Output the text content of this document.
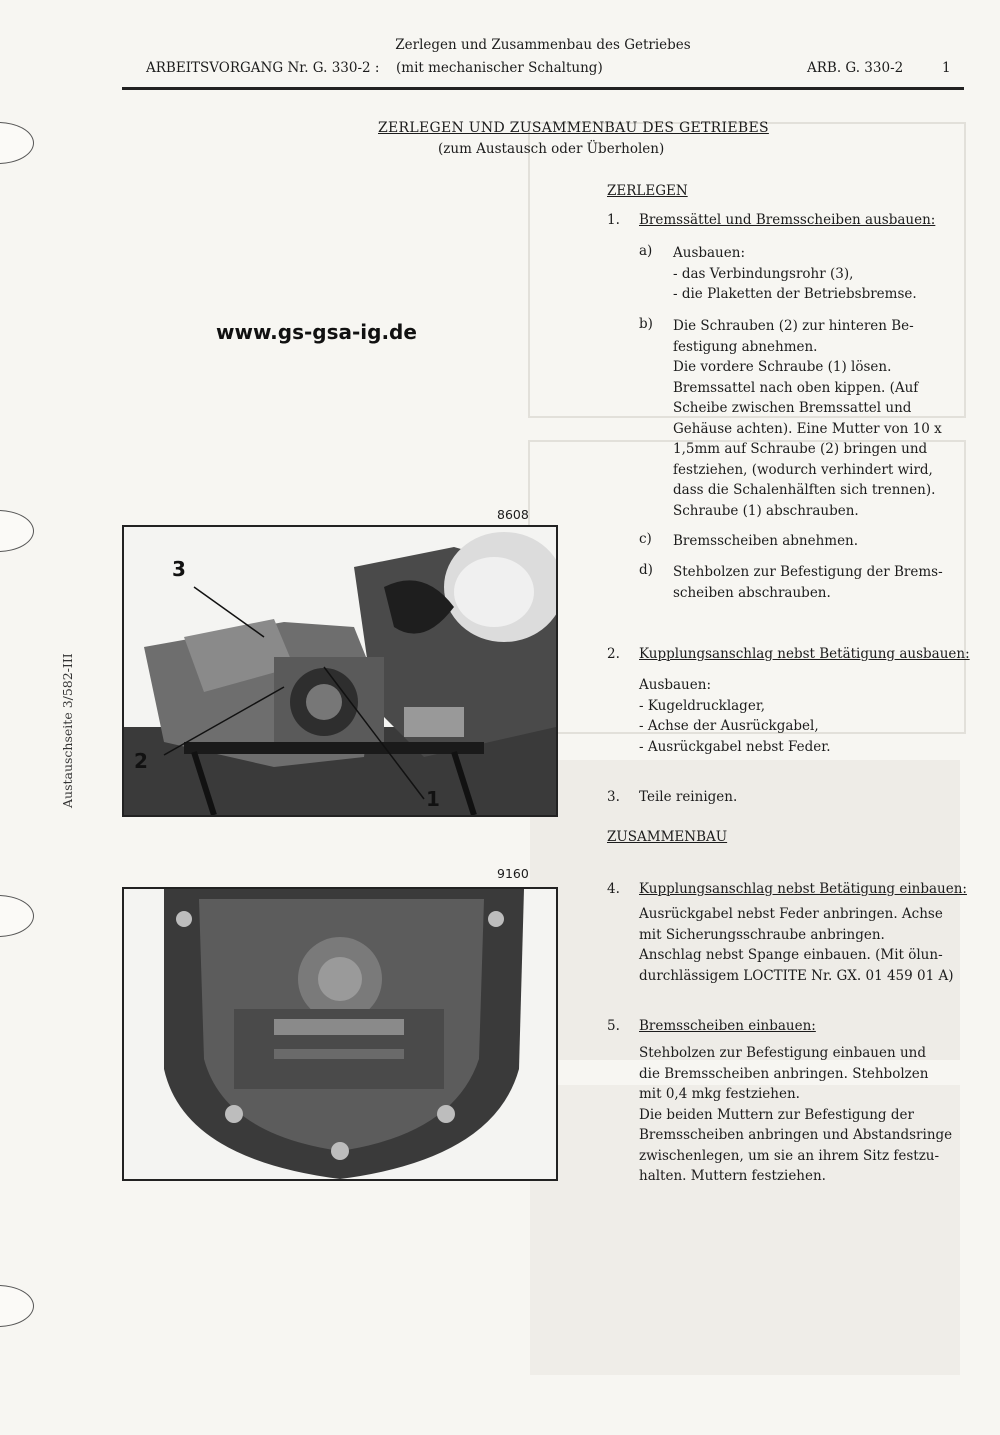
Zerlegen und Zusammenbau des Getriebes
ARBEITSVORGANG Nr. G. 330-2 : (mit mechanischer Schaltung)	ARB. G. 330-2	1
ZERLEGEN UND ZUSAMMENBAU DES GETRIEBES
(zum Austausch oder Überholen)
www.gs-gsa-ig.de
Austauschseite 3/582-III
8608
3
2
1
9160
ZERLEGEN
1. Bremssättel und Bremsscheiben ausbauen:
a) Ausbauen:
- das Verbindungsrohr (3),
- die Plaketten der Betriebsbremse.
b) Die Schrauben (2) zur hinteren Be-
festigung abnehmen.
Die vordere Schraube (1) lösen.
Bremssattel nach oben kippen. (Auf
Scheibe zwischen Bremssattel und
Gehäuse achten). Eine Mutter von 10 x
1,5mm auf Schraube (2) bringen und
festziehen, (wodurch verhindert wird,
dass die Schalenhälften sich trennen).
Schraube (1) abschrauben.
c) Bremsscheiben abnehmen.
d) Stehbolzen zur Befestigung der Brems-
scheiben abschrauben.
2. Kupplungsanschlag nebst Betätigung ausbauen:
Ausbauen:
- Kugeldrucklager,
- Achse der Ausrückgabel,
- Ausrückgabel nebst Feder.
3. Teile reinigen.
ZUSAMMENBAU
4. Kupplungsanschlag nebst Betätigung einbauen:
Ausrückgabel nebst Feder anbringen. Achse
mit Sicherungsschraube anbringen.
Anschlag nebst Spange einbauen. (Mit ölun-
durchlässigem LOCTITE Nr. GX. 01 459 01 A)
5. Bremsscheiben einbauen:
Stehbolzen zur Befestigung einbauen und
die Bremsscheiben anbringen. Stehbolzen
mit 0,4 mkg festziehen.
Die beiden Muttern zur Befestigung der
Bremsscheiben anbringen und Abstandsringe
zwischenlegen, um sie an ihrem Sitz festzu-
halten. Muttern festziehen.
